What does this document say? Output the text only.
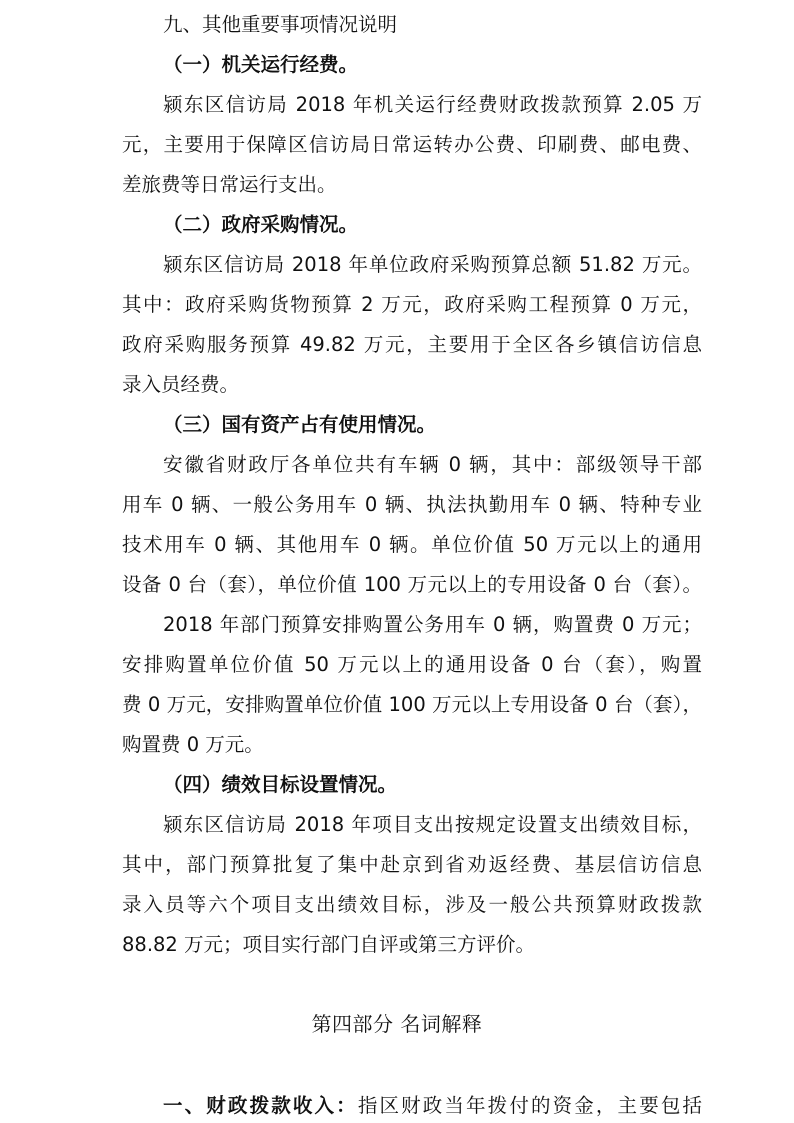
九、其他重要事项情况说明
（一）机关运行经费。
颍东区信访局 2018 年机关运行经费财政拨款预算 2.05 万
元，主要用于保障区信访局日常运转办公费、印刷费、邮电费、
差旅费等日常运行支出。
（二）政府采购情况。
颍东区信访局 2018 年单位政府采购预算总额 51.82 万元。
其中：政府采购货物预算 2 万元，政府采购工程预算 0 万元，
政府采购服务预算 49.82 万元，主要用于全区各乡镇信访信息
录入员经费。
（三）国有资产占有使用情况。
安徽省财政厅各单位共有车辆 0 辆，其中：部级领导干部
用车 0 辆、一般公务用车 0 辆、执法执勤用车 0 辆、特种专业
技术用车 0 辆、其他用车 0 辆。单位价值 50 万元以上的通用
设备 0 台（套），单位价值 100 万元以上的专用设备 0 台（套）。
2018 年部门预算安排购置公务用车 0 辆，购置费 0 万元；
安排购置单位价值 50 万元以上的通用设备 0 台（套），购置
费 0 万元，安排购置单位价值 100 万元以上专用设备 0 台（套），
购置费 0 万元。
（四）绩效目标设置情况。
颍东区信访局 2018 年项目支出按规定设置支出绩效目标，
其中，部门预算批复了集中赴京到省劝返经费、基层信访信息
录入员等六个项目支出绩效目标，涉及一般公共预算财政拨款
88.82 万元；项目实行部门自评或第三方评价。
第四部分 名词解释
一、财政拨款收入：指区财政当年拨付的资金，主要包括
